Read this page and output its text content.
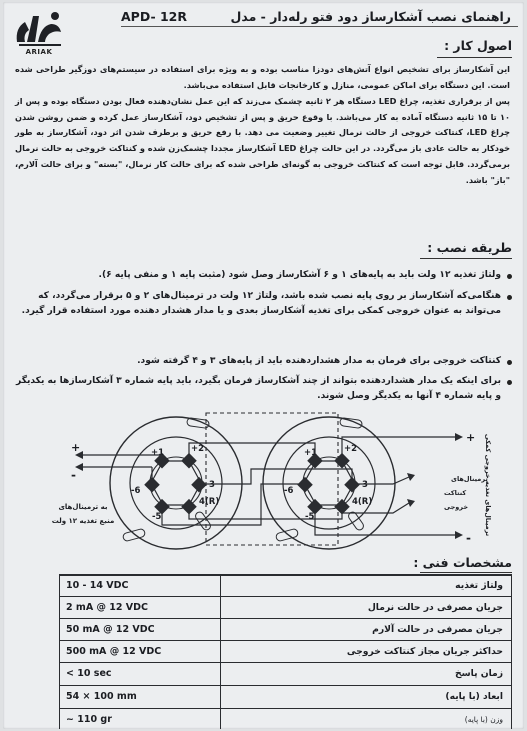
ARIAK
راهنمای نصب آشکارساز دود فتو رله‌دار - مدل
APD- 12R
اصول کار :
این آشکارساز برای تشخیص انواع آتش‌های دودزا مناسب بوده و به ویژه برای استفاده در سیستم‌های دوزگیر طراحی شده است. این دستگاه برای اماکن عمومی، منازل و کارخانجات قابل استفاده می‌باشد.
پس از برقراری تغذیه، چراغ LED دستگاه هر ۲ ثانیه چشمک می‌زند که این عمل نشان‌دهنده فعال بودن دستگاه بوده و پس از ۱۰ تا ۱۵ ثانیه دستگاه آماده به کار می‌باشد. با وقوع حریق و پس از تشخیص دود، آشکارساز عمل کرده و ضمن روشن شدن چراغ LED، کنتاکت خروجی از حالت نرمال تغییر وضعیت می دهد. با رفع حریق و برطرف شدن اثر دود، آشکارساز به طور خودکار به حالت عادی باز می‌گردد. در این حالت چراغ LED آشکارساز مجددا چشمک‌زن شده و کنتاکت خروجی به حالت نرمال برمی‌گردد. قابل توجه است که کنتاکت خروجی به گونه‌ای طراحی شده که برای حالت کار نرمال، "بسته" و برای حالت آلارم، "باز" باشد.
طریقه نصب :
ولتاژ تغذیه ۱۲ ولت باید به پایه‌های ۱ و ۶ آشکارساز وصل شود (مثبت پایه ۱ و منفی پایه ۶).
هنگامی‌که آشکارساز بر روی پایه نصب شده باشد، ولتاژ ۱۲ ولت در ترمینال‌های ۲ و ۵ برقرار می‌گردد، که می‌تواند به عنوان خروجی کمکی برای تغذیه آشکارساز بعدی و یا مدار هشدار دهنده مورد استفاده قرار گیرد.
کنتاکت خروجی برای فرمان به مدار هشداردهنده باید از پایه‌های ۳ و ۴ گرفته شود.
برای اینکه یک مدار هشداردهنده بتواند از چند آشکارساز فرمان بگیرد، باید پایه شماره ۳ آشکارسازها به یکدیگر و پایه شماره ۴ آنها به یکدیگر وصل شوند.
+1	+2
3
4(R)
-5
-6
+1	+2
3
4(R)
-5
-6
+
-
+
-
به ترمینال‌های
منبع تغذیه ۱۲ ولت
ترمینال‌های
کنتاکت
خروجی ترمینال‌های تغذیه خروجی کمکی
مشخصات فنی :
10 - 14 VDC	ولتاژ تغذیه
2 mA @ 12 VDC	جریان مصرفی در حالت نرمال
50 mA @ 12 VDC	جریان مصرفی در حالت آلارم
500 mA @ 12 VDC	حداکثر جریان مجاز کنتاکت خروجی
< 10 sec	زمان پاسخ
54 × 100 mm	ابعاد (با پایه)
~ 110 gr	وزن (با پایه)
